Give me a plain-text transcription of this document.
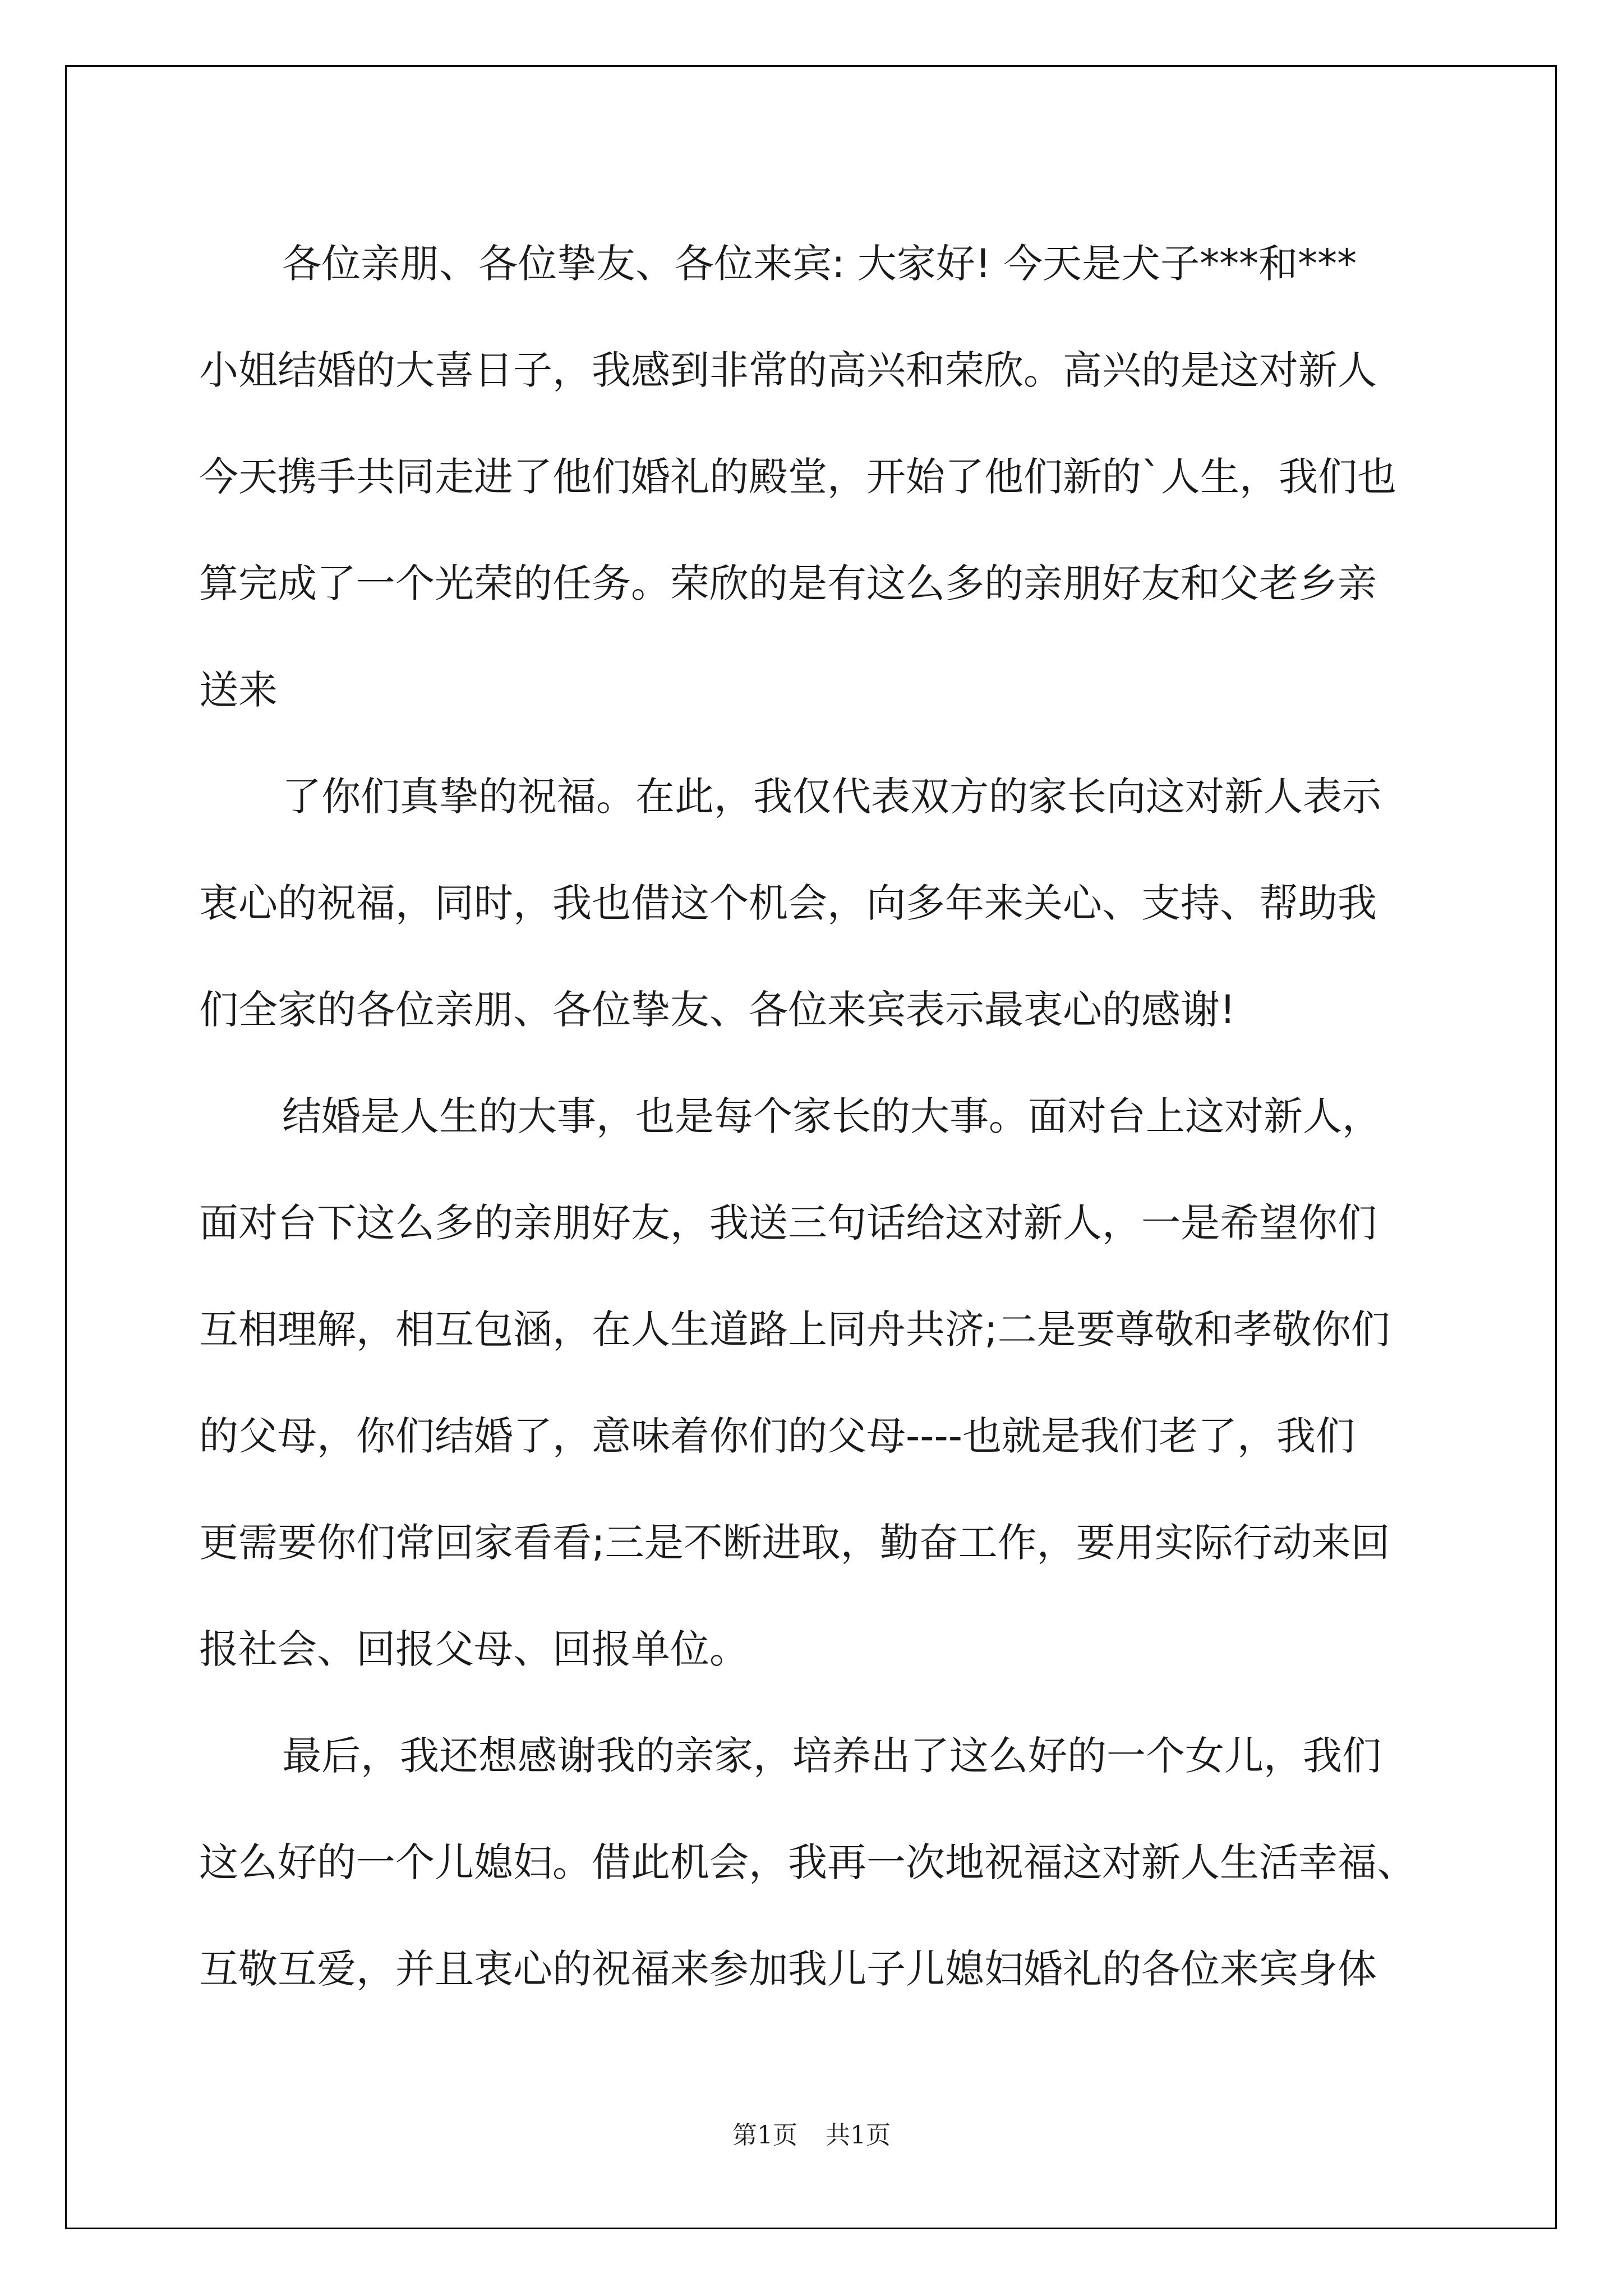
各位亲朋、各位挚友、各位来宾: 大家好! 今天是犬子***和***
小姐结婚的大喜日子，我感到非常的高兴和荣欣。高兴的是这对新人
今天携手共同走进了他们婚礼的殿堂，开始了他们新的`人生，我们也
算完成了一个光荣的任务。荣欣的是有这么多的亲朋好友和父老乡亲
送来
了你们真挚的祝福。在此，我仅代表双方的家长向这对新人表示
衷心的祝福，同时，我也借这个机会，向多年来关心、支持、帮助我
们全家的各位亲朋、各位挚友、各位来宾表示最衷心的感谢!
结婚是人生的大事，也是每个家长的大事。面对台上这对新人，
面对台下这么多的亲朋好友，我送三句话给这对新人，一是希望你们
互相理解，相互包涵，在人生道路上同舟共济;二是要尊敬和孝敬你们
的父母，你们结婚了，意味着你们的父母----也就是我们老了，我们
更需要你们常回家看看;三是不断进取，勤奋工作，要用实际行动来回
报社会、回报父母、回报单位。
最后，我还想感谢我的亲家，培养出了这么好的一个女儿，我们
这么好的一个儿媳妇。借此机会，我再一次地祝福这对新人生活幸福、
互敬互爱，并且衷心的祝福来参加我儿子儿媳妇婚礼的各位来宾身体
第1页 共1页
